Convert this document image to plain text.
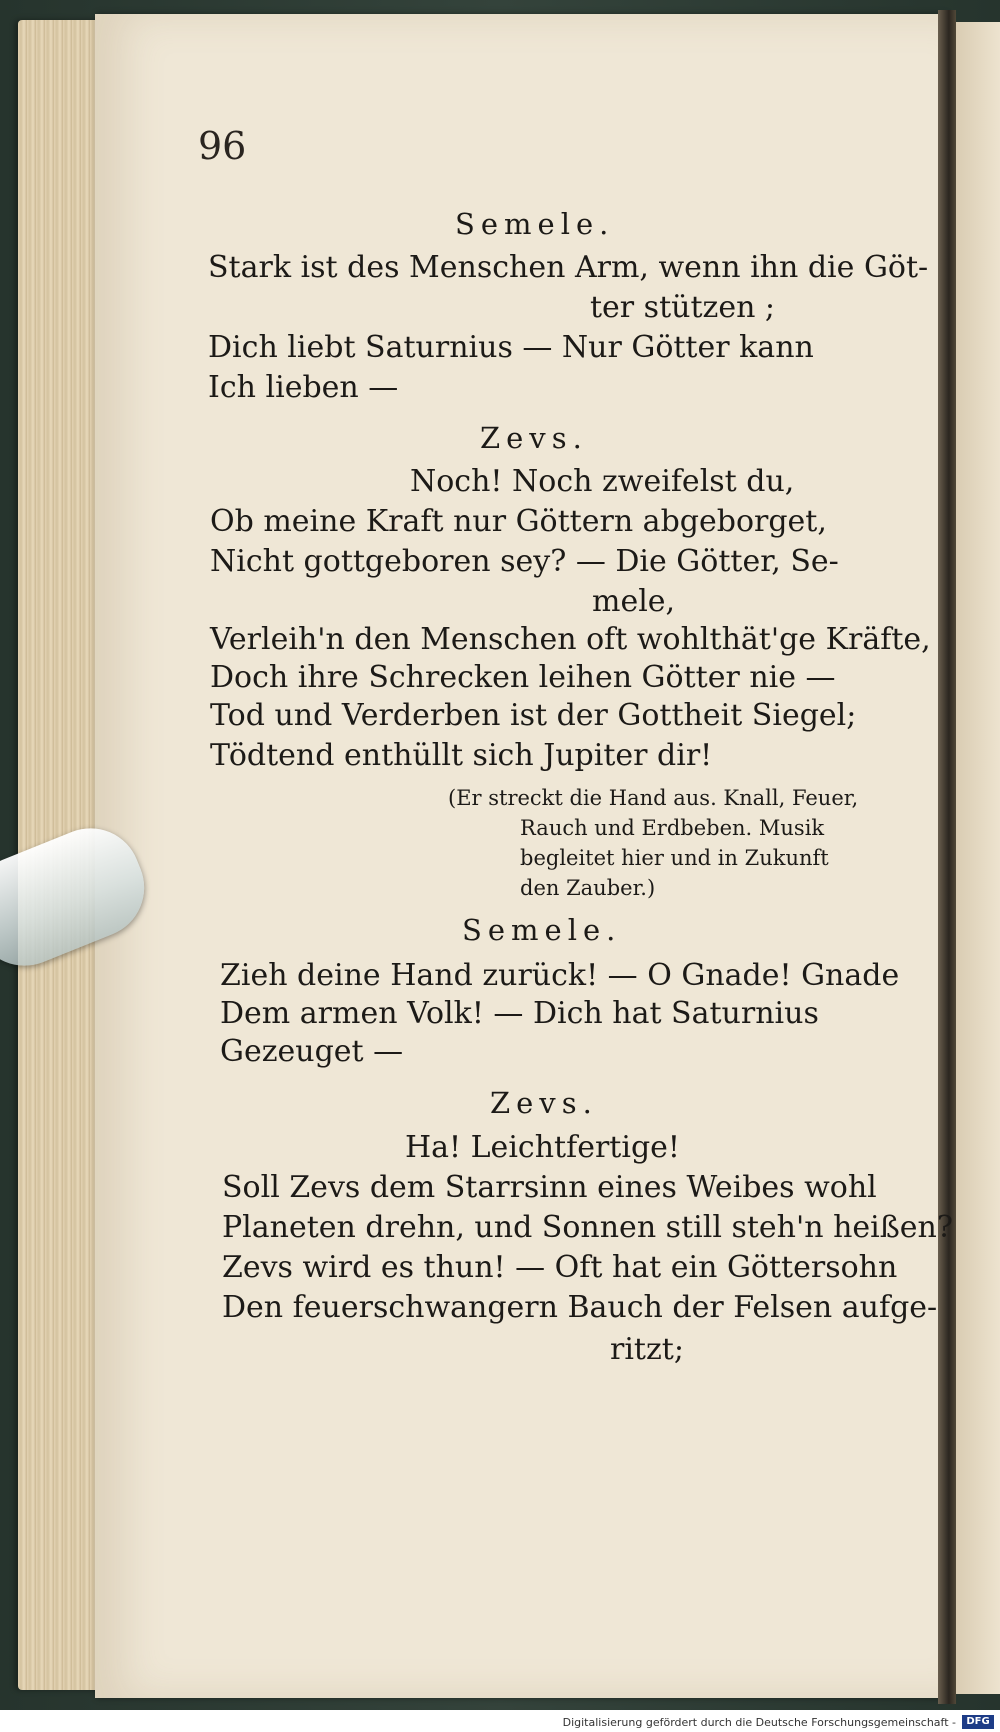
96
Semele.
Stark ist des Menschen Arm, wenn ihn die Göt-
ter stützen ;
Dich liebt Saturnius — Nur Götter kann
Ich lieben —
Zevs.
Noch! Noch zweifelst du,
Ob meine Kraft nur Göttern abgeborget,
Nicht gottgeboren sey? — Die Götter, Se-
mele,
Verleih'n den Menschen oft wohlthät'ge Kräfte,
Doch ihre Schrecken leihen Götter nie —
Tod und Verderben ist der Gottheit Siegel;
Tödtend enthüllt sich Jupiter dir!
(Er streckt die Hand aus. Knall, Feuer,
Rauch und Erdbeben. Musik
begleitet hier und in Zukunft
den Zauber.)
Semele.
Zieh deine Hand zurück! — O Gnade! Gnade
Dem armen Volk! — Dich hat Saturnius
Gezeuget —
Zevs.
Ha! Leichtfertige!
Soll Zevs dem Starrsinn eines Weibes wohl
Planeten drehn, und Sonnen still steh'n heißen?
Zevs wird es thun! — Oft hat ein Göttersohn
Den feuerschwangern Bauch der Felsen aufge-
ritzt;
Digitalisierung gefördert durch die Deutsche Forschungsgemeinschaft -	DFG
